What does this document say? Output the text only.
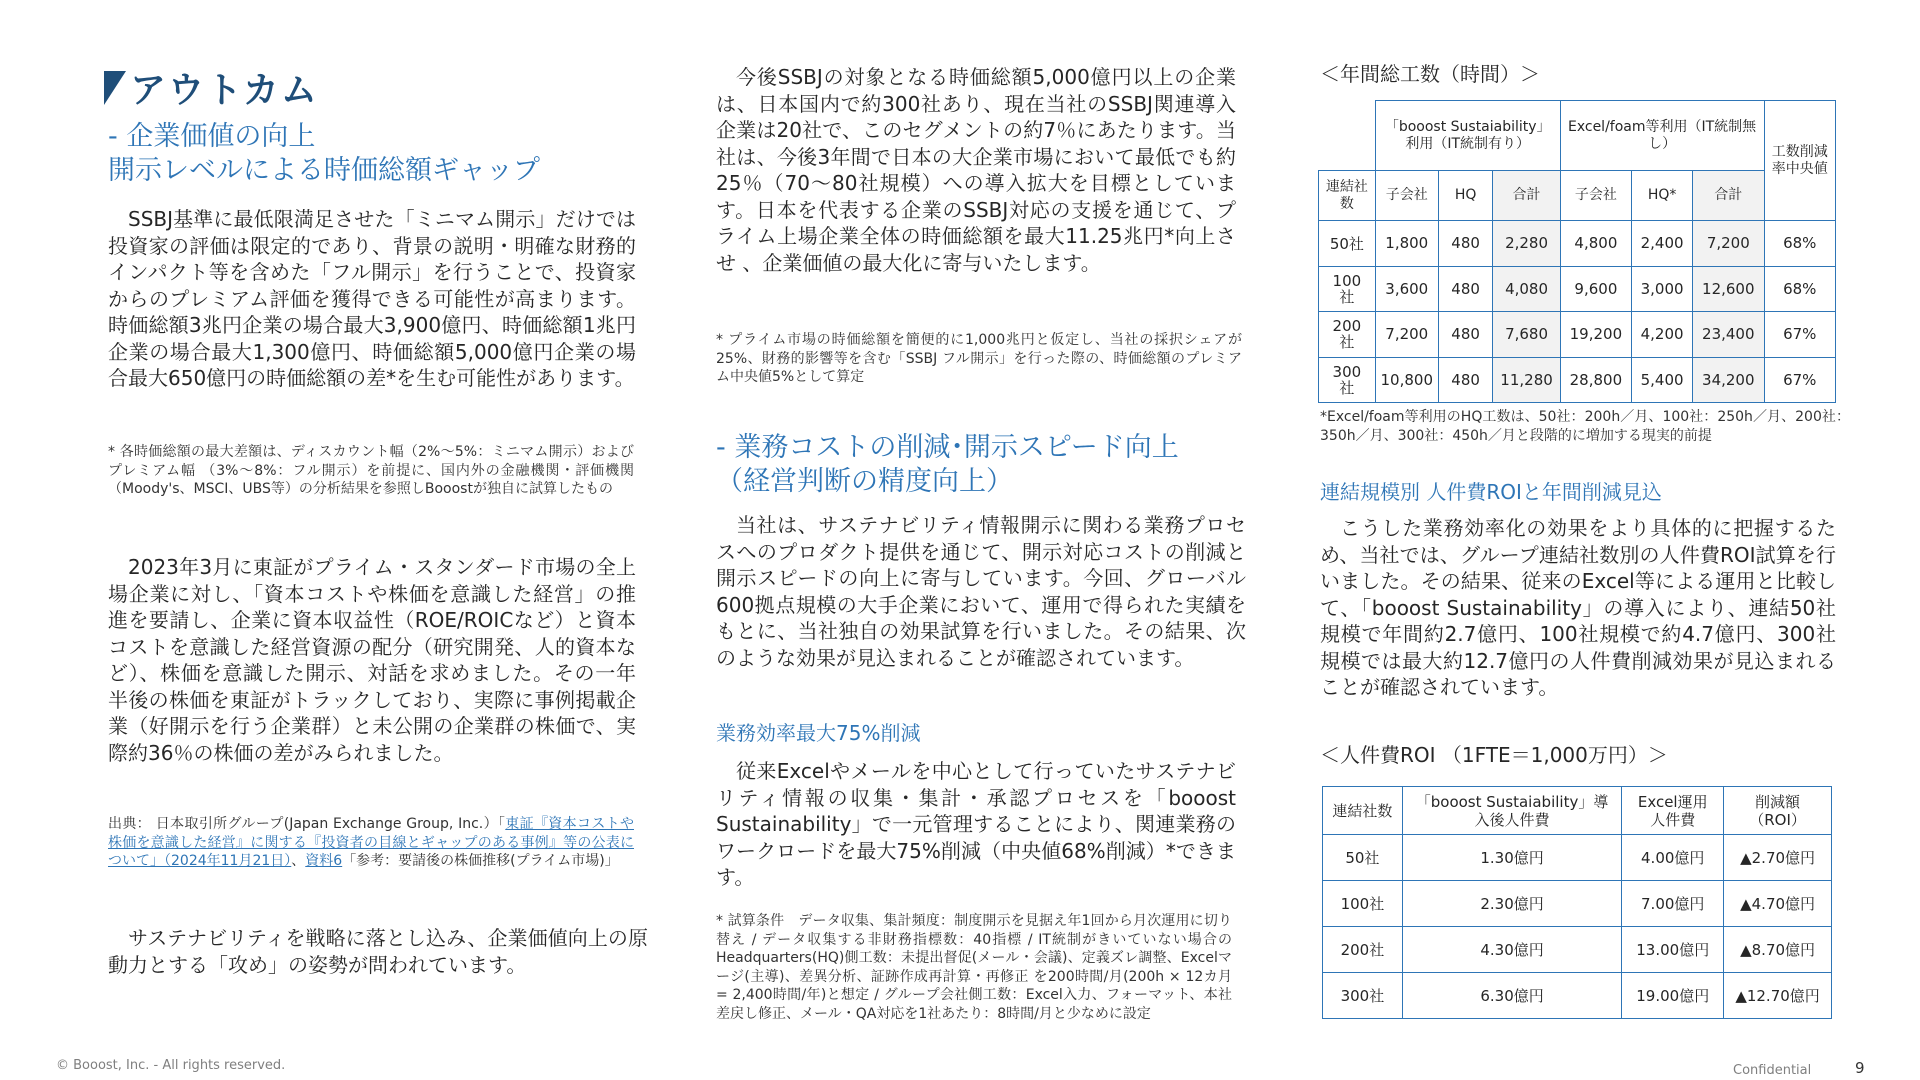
アウトカム
- 企業価値の向上
開示レベルによる時価総額ギャップ

SSBJ基準に最低限満足させた「ミニマム開示」だけでは投資家の評価は限定的であり、背景の説明・明確な財務的インパクト等を含めた「フル開示」を行うことで、投資家からのプレミアム評価を獲得できる可能性が高まります。時価総額3兆円企業の場合最大3,900億円、時価総額1兆円企業の場合最大1,300億円、時価総額5,000億円企業の場合最大650億円の時価総額の差*を生む可能性があります。

* 各時価総額の最大差額は、ディスカウント幅（2%～5%：ミニマム開示）およびプレミアム幅 （3%～8%：フル開示）を前提に、国内外の金融機関・評価機関（Moody's、MSCI、UBS等）の分析結果を参照しBooostが独自に試算したもの

2023年3月に東証がプライム・スタンダード市場の全上場企業に対し、「資本コストや株価を意識した経営」の推進を要請し、企業に資本収益性（ROE/ROICなど）と資本コストを意識した経営資源の配分（研究開発、人的資本など）、株価を意識した開示、対話を求めました。その一年半後の株価を東証がトラックしており、実際に事例掲載企業（好開示を行う企業群）と未公開の企業群の株価で、実際約36％の株価の差がみられました。

出典： 日本取引所グループ(Japan Exchange Group, Inc.）「東証『資本コストや株価を意識した経営』に関する『投資者の目線とギャップのある事例』等の公表について」（2024年11月21日）、資料6「参考：要請後の株価推移(プライム市場)」

サステナビリティを戦略に落とし込み、企業価値向上の原動力とする「攻め」の姿勢が問われています。

今後SSBJの対象となる時価総額5,000億円以上の企業は、日本国内で約300社あり、現在当社のSSBJ関連導入企業は20社で、このセグメントの約7％にあたります。当社は、今後3年間で日本の大企業市場において最低でも約25％（70～80社規模）への導入拡大を目標としています。日本を代表する企業のSSBJ対応の支援を通じて、プライム上場企業全体の時価総額を最大11.25兆円*向上させ 、企業価値の最大化に寄与いたします。

* プライム市場の時価総額を簡便的に1,000兆円と仮定し、当社の採択シェアが25%、財務的影響等を含む「SSBJ フル開示」を行った際の、時価総額のプレミアム中央値5%として算定

- 業務コストの削減･開示スピード向上
（経営判断の精度向上）

当社は、サステナビリティ情報開示に関わる業務プロセスへのプロダクト提供を通じて、開示対応コストの削減と開示スピードの向上に寄与しています。今回、グローバル600拠点規模の大手企業において、運用で得られた実績をもとに、当社独自の効果試算を行いました。その結果、次のような効果が見込まれることが確認されています。

業務効率最大75%削減

従来Excelやメールを中心として行っていたサステナビリティ情報の収集・集計・承認プロセスを「booost Sustainability」で一元管理することにより、関連業務のワークロードを最大75%削減（中央値68%削減）*できます。

* 試算条件　データ収集、集計頻度：制度開示を見据え年1回から月次運用に切り替え / データ収集する非財務指標数：40指標 / IT統制がきいていない場合のHeadquarters(HQ)側工数：未提出督促(メール・会議)、定義ズレ調整、Excelマージ(主導)、差異分析、証跡作成再計算・再修正 を200時間/月(200h × 12カ月 = 2,400時間/年)と想定 / グループ会社側工数：Excel入力、フォーマット、本社差戻し修正、メール・QA対応を1社あたり：8時間/月と少なめに設定

＜年間総工数（時間）＞
	「booost Sustaiability」利用（IT統制有り）			Excel/foam等利用（IT統制無し）			工数削減率中央値
連結社数	子会社	HQ	合計	子会社	HQ*	合計	
50社	1,800	480	2,280	4,800	2,400	7,200	68%
100社	3,600	480	4,080	9,600	3,000	12,600	68%
200社	7,200	480	7,680	19,200	4,200	23,400	67%
300社	10,800	480	11,280	28,800	5,400	34,200	67%

*Excel/foam等利用のHQ工数は、50社：200h／月、100社：250h／月、200社：350h／月、300社：450h／月と段階的に増加する現実的前提

連結規模別 人件費ROIと年間削減見込

こうした業務効率化の効果をより具体的に把握するため、当社では、グループ連結社数別の人件費ROI試算を行いました。その結果、従来のExcel等による運用と比較して、「booost Sustainability」の導入により、連結50社規模で年間約2.7億円、100社規模で約4.7億円、300社規模では最大約12.7億円の人件費削減効果が見込まれることが確認されています。

＜人件費ROI （1FTE＝1,000万円）＞
連結社数	「booost Sustaiability」導入後人件費	Excel運用人件費	削減額（ROI）
50社	1.30億円	4.00億円	▲2.70億円
100社	2.30億円	7.00億円	▲4.70億円
200社	4.30億円	13.00億円	▲8.70億円
300社	6.30億円	19.00億円	▲12.70億円
© Booost, Inc. - All rights reserved.	Confidential	9
